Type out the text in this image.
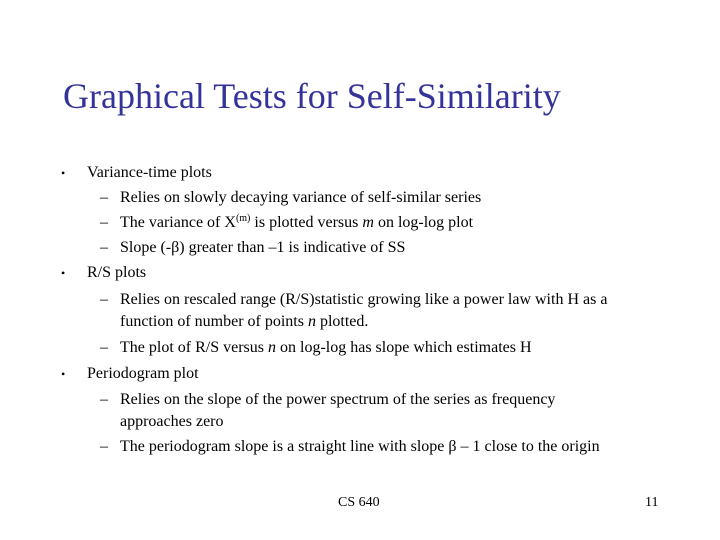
Graphical Tests for Self-Similarity
• Variance-time plots
– Relies on slowly decaying variance of self-similar series
– The variance of $X^{(m)}$ is plotted versus m on log-log plot
– Slope (-β) greater than –1 is indicative of SS
• R/S plots
– Relies on rescaled range (R/S)statistic growing like a power law with H as a
function of number of points n plotted.
– The plot of R/S versus n on log-log has slope which estimates H
• Periodogram plot
– Relies on the slope of the power spectrum of the series as frequency
approaches zero
– The periodogram slope is a straight line with slope β – 1 close to the origin
CS 640	11
